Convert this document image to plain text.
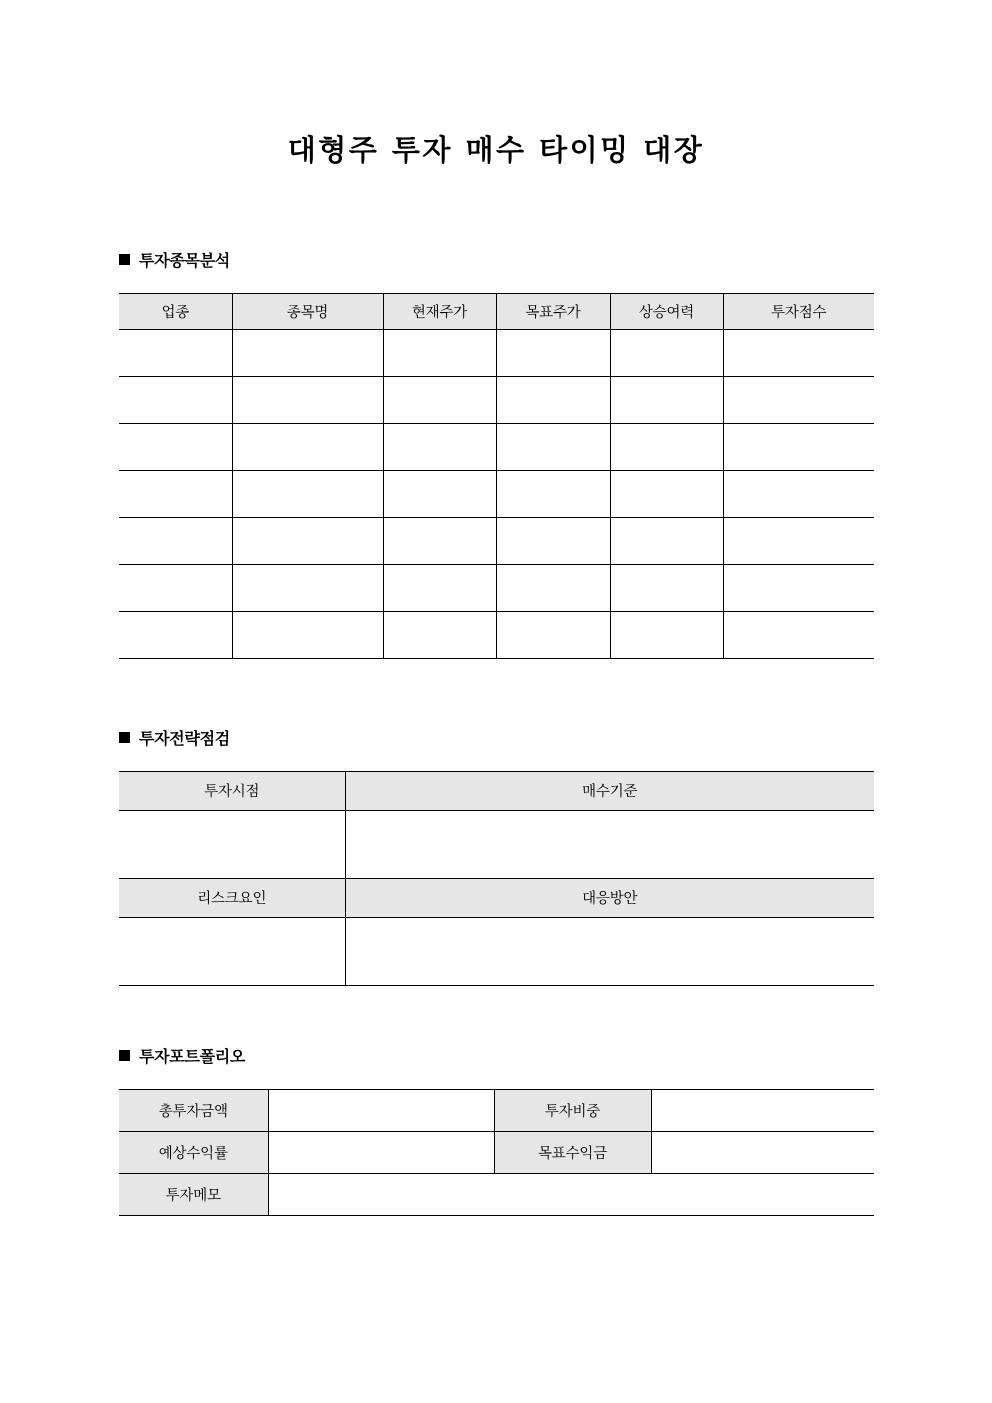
대형주 투자 매수 타이밍 대장
투자종목분석
업종	종목명	현재주가	목표주가	상승여력	투자점수

투자전략점검
투자시점	매수기준

리스크요인	대응방안

투자포트폴리오
총투자금액		투자비중	
예상수익률		목표수익금	
투자메모			
